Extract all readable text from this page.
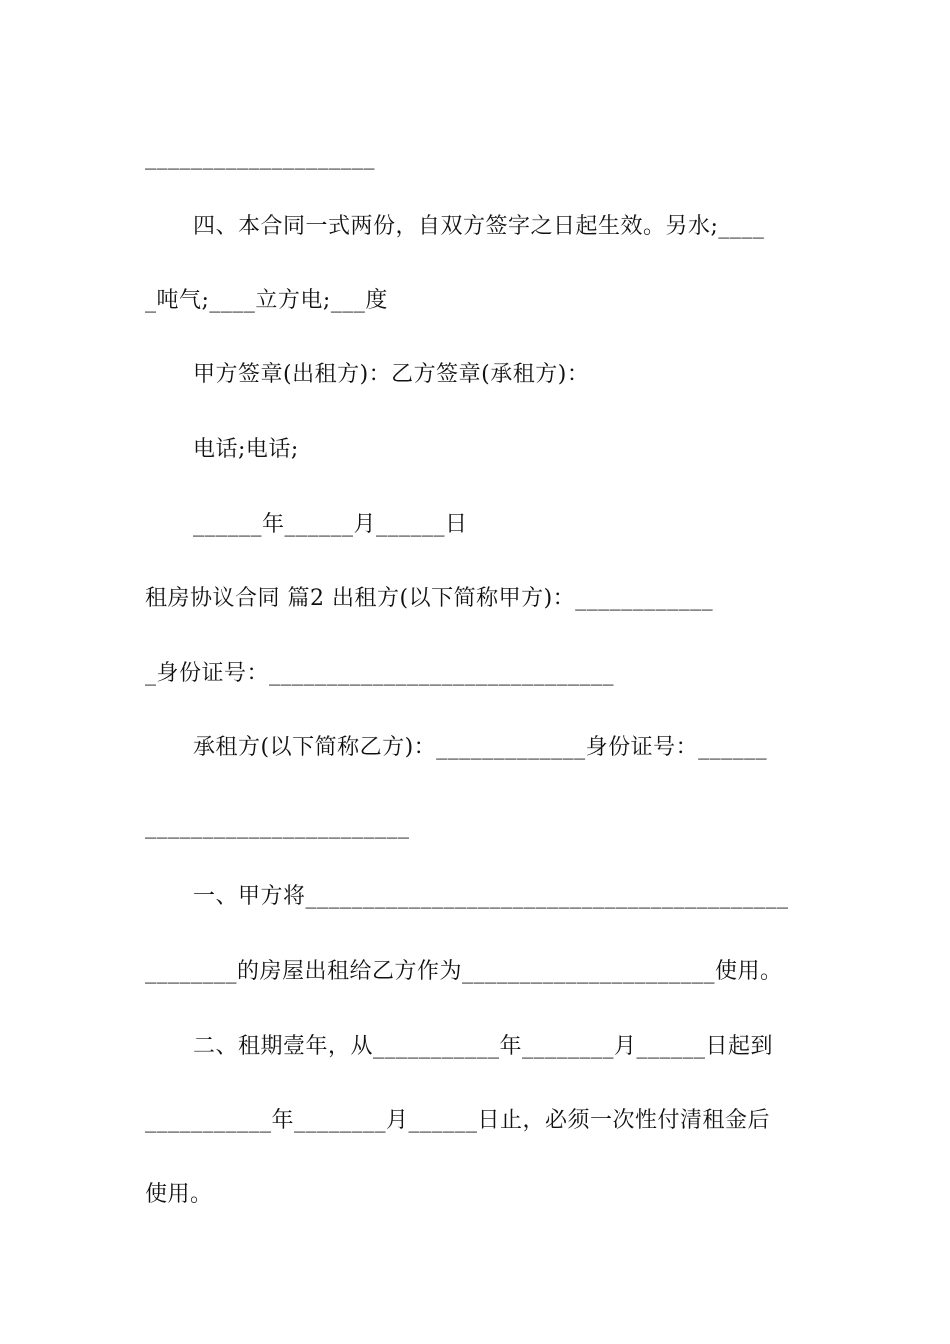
____________________
四、本合同一式两份，自双方签字之日起生效。另水;____
_吨气;____立方电;___度
甲方签章(出租方)：乙方签章(承租方)：
电话;电话;
______年______月______日
租房协议合同 篇2 出租方(以下简称甲方)：____________
_身份证号：______________________________
承租方(以下简称乙方)：_____________身份证号：______
_______________________
一、甲方将__________________________________________
________的房屋出租给乙方作为______________________使用。
二、租期壹年，从___________年________月______日起到
___________年________月______日止，必须一次性付清租金后
使用。
